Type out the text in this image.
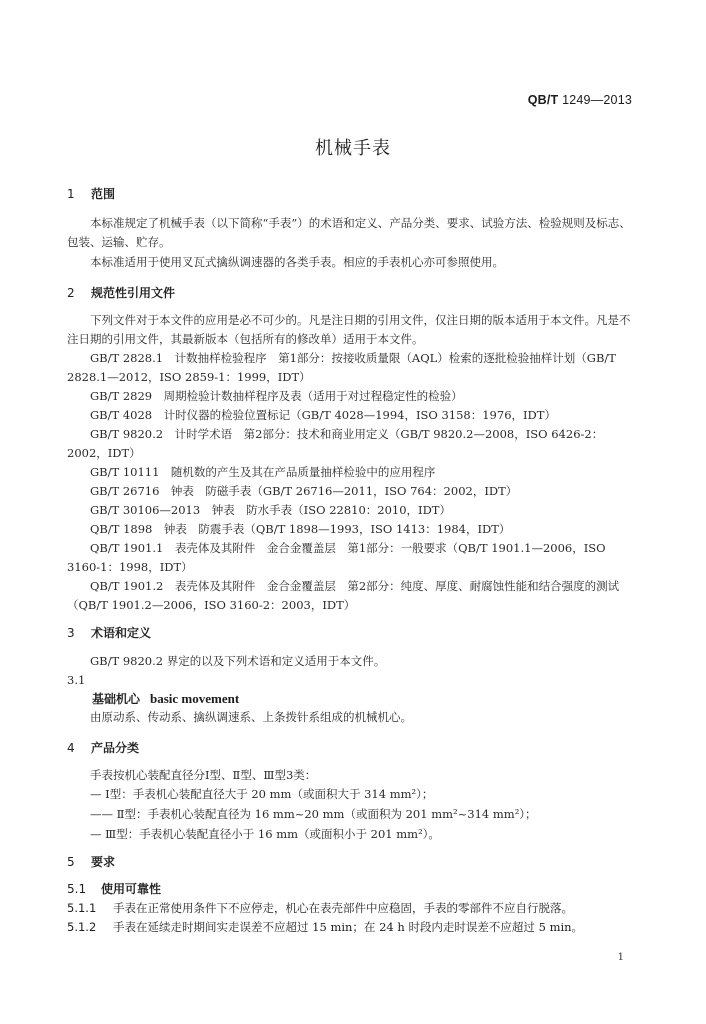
QB/T 1249—2013
机械手表
1 范围
本标准规定了机械手表（以下简称“手表”）的术语和定义、产品分类、要求、试验方法、检验规则及标志、包装、运输、贮存。
本标准适用于使用叉瓦式擒纵调速器的各类手表。相应的手表机心亦可参照使用。
2 规范性引用文件
下列文件对于本文件的应用是必不可少的。凡是注日期的引用文件，仅注日期的版本适用于本文件。凡是不注日期的引用文件，其最新版本（包括所有的修改单）适用于本文件。
GB/T 2828.1　计数抽样检验程序　第1部分：按接收质量限（AQL）检索的逐批检验抽样计划（GB/T 2828.1—2012，ISO 2859-1：1999，IDT）
GB/T 2829　周期检验计数抽样程序及表（适用于对过程稳定性的检验）
GB/T 4028　计时仪器的检验位置标记（GB/T 4028—1994，ISO 3158：1976，IDT）
GB/T 9820.2　计时学术语　第2部分：技术和商业用定义（GB/T 9820.2—2008，ISO 6426-2：2002，IDT）
GB/T 10111　随机数的产生及其在产品质量抽样检验中的应用程序
GB/T 26716　钟表　防磁手表（GB/T 26716—2011，ISO 764：2002，IDT）
GB/T 30106—2013　钟表　防水手表（ISO 22810：2010，IDT）
QB/T 1898　钟表　防震手表（QB/T 1898—1993，ISO 1413：1984，IDT）
QB/T 1901.1　表壳体及其附件　金合金覆盖层　第1部分：一般要求（QB/T 1901.1—2006，ISO 3160-1：1998，IDT）
QB/T 1901.2　表壳体及其附件　金合金覆盖层　第2部分：纯度、厚度、耐腐蚀性能和结合强度的测试（QB/T 1901.2—2006，ISO 3160-2：2003，IDT）
3 术语和定义
GB/T 9820.2 界定的以及下列术语和定义适用于本文件。
3.1
基础机心 basic movement
由原动系、传动系、擒纵调速系、上条拨针系组成的机械机心。
4 产品分类
手表按机心装配直径分Ⅰ型、Ⅱ型、Ⅲ型3类：
— Ⅰ型：手表机心装配直径大于 20 mm（或面积大于 314 mm²）；
—— Ⅱ型：手表机心装配直径为 16 mm~20 mm（或面积为 201 mm²~314 mm²）；
— Ⅲ型：手表机心装配直径小于 16 mm（或面积小于 201 mm²）。
5 要求
5.1 使用可靠性
5.1.1 手表在正常使用条件下不应停走，机心在表壳部件中应稳固，手表的零部件不应自行脱落。
5.1.2 手表在延续走时期间实走误差不应超过 15 min；在 24 h 时段内走时误差不应超过 5 min。
1
